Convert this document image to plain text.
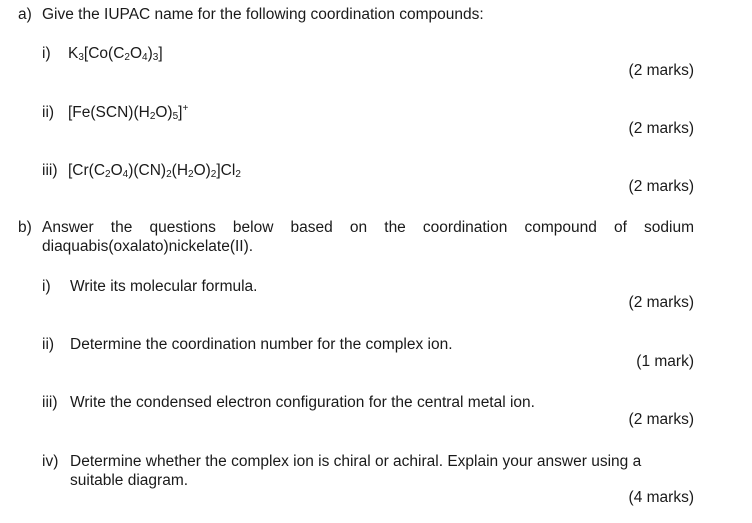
a) Give the IUPAC name for the following coordination compounds:
i) $K_3[Co(C_2O_4)_3]$
(2 marks)
ii) $[Fe(SCN)(H_2O)_5]^+$
(2 marks)
iii) $[Cr(C_2O_4)(CN)_2(H_2O)_2]Cl_2$
(2 marks)
b) Answer the questions below based on the coordination compound of sodium
diaquabis(oxalato)nickelate(II).
i) Write its molecular formula.
(2 marks)
ii) Determine the coordination number for the complex ion.
(1 mark)
iii) Write the condensed electron configuration for the central metal ion.
(2 marks)
iv) Determine whether the complex ion is chiral or achiral. Explain your answer using a
suitable diagram.
(4 marks)
